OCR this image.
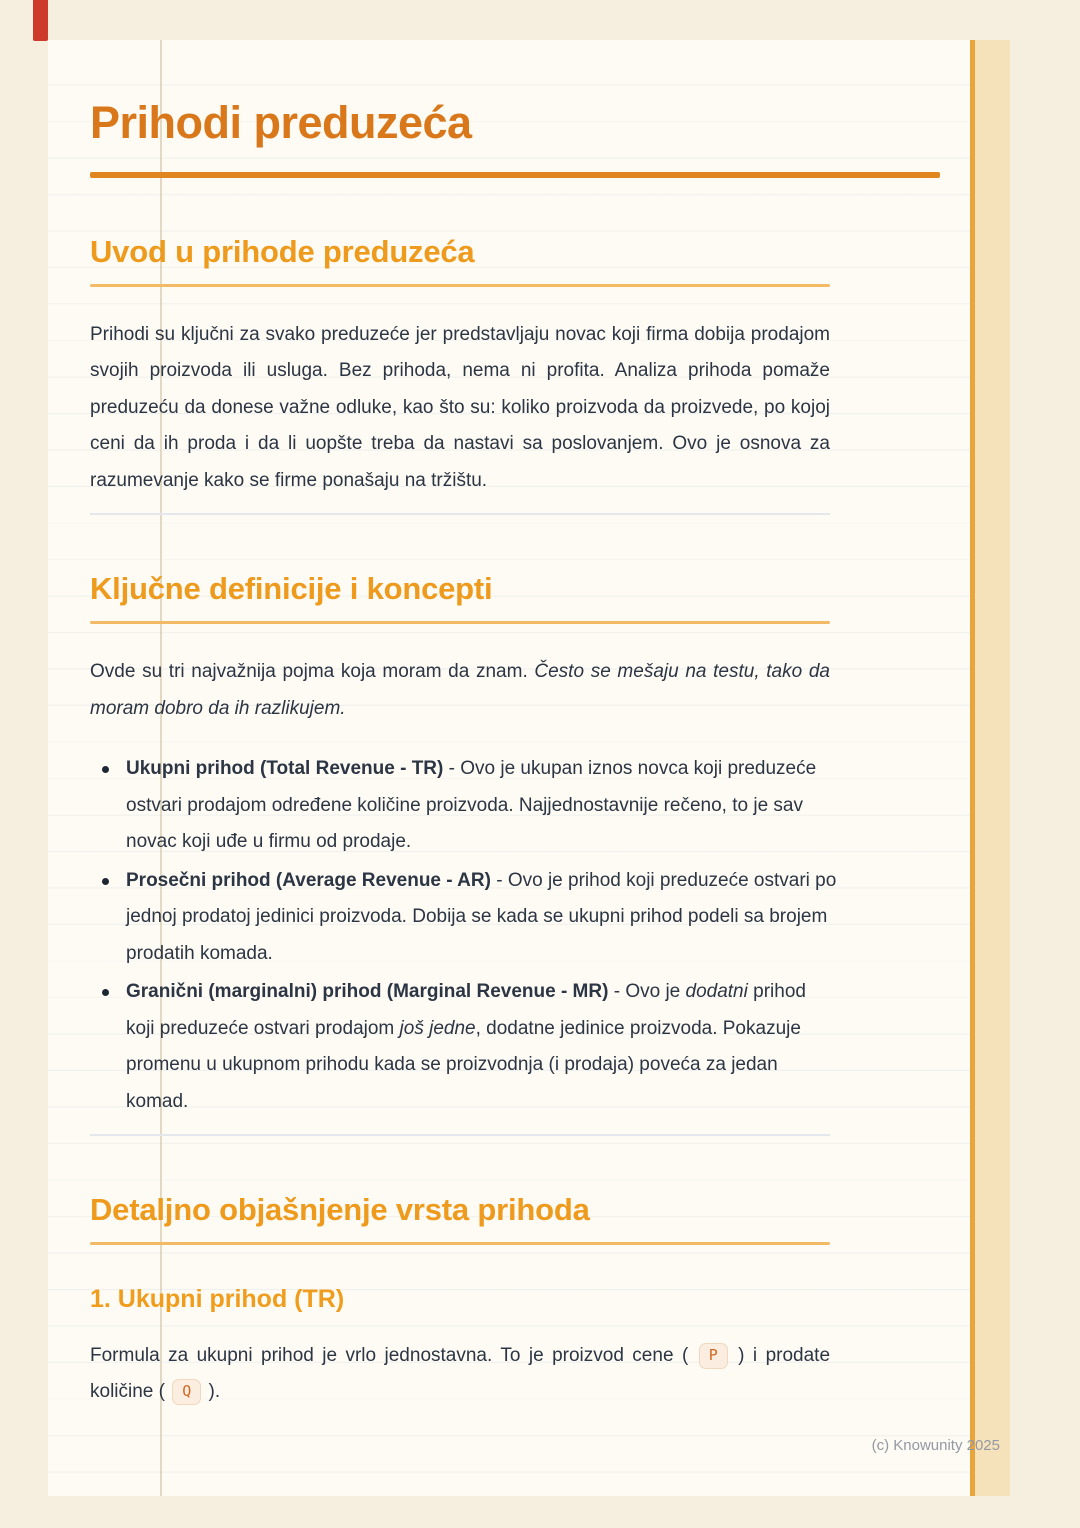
Prihodi preduzeća
Uvod u prihode preduzeća

Prihodi su ključni za svako preduzeće jer predstavljaju novac koji firma dobija prodajom svojih proizvoda ili usluga. Bez prihoda, nema ni profita. Analiza prihoda pomaže preduzeću da donese važne odluke, kao što su: koliko proizvoda da proizvede, po kojoj ceni da ih proda i da li uopšte treba da nastavi sa poslovanjem. Ovo je osnova za razumevanje kako se firme ponašaju na tržištu.

Ključne definicije i koncepti

Ovde su tri najvažnija pojma koja moram da znam. Često se mešaju na testu, tako da moram dobro da ih razlikujem.

Ukupni prihod (Total Revenue - TR) - Ovo je ukupan iznos novca koji preduzeće ostvari prodajom određene količine proizvoda. Najjednostavnije rečeno, to je sav novac koji uđe u firmu od prodaje.
Prosečni prihod (Average Revenue - AR) - Ovo je prihod koji preduzeće ostvari po jednoj prodatoj jedinici proizvoda. Dobija se kada se ukupni prihod podeli sa brojem prodatih komada.
Granični (marginalni) prihod (Marginal Revenue - MR) - Ovo je dodatni prihod koji preduzeće ostvari prodajom još jedne, dodatne jedinice proizvoda. Pokazuje promenu u ukupnom prihodu kada se proizvodnja (i prodaja) poveća za jedan komad.
Detaljno objašnjenje vrsta prihoda
1. Ukupni prihod (TR)

Formula za ukupni prihod je vrlo jednostavna. To je proizvod cene ( P ) i prodate količine ( Q ).

(c) Knowunity 2025
